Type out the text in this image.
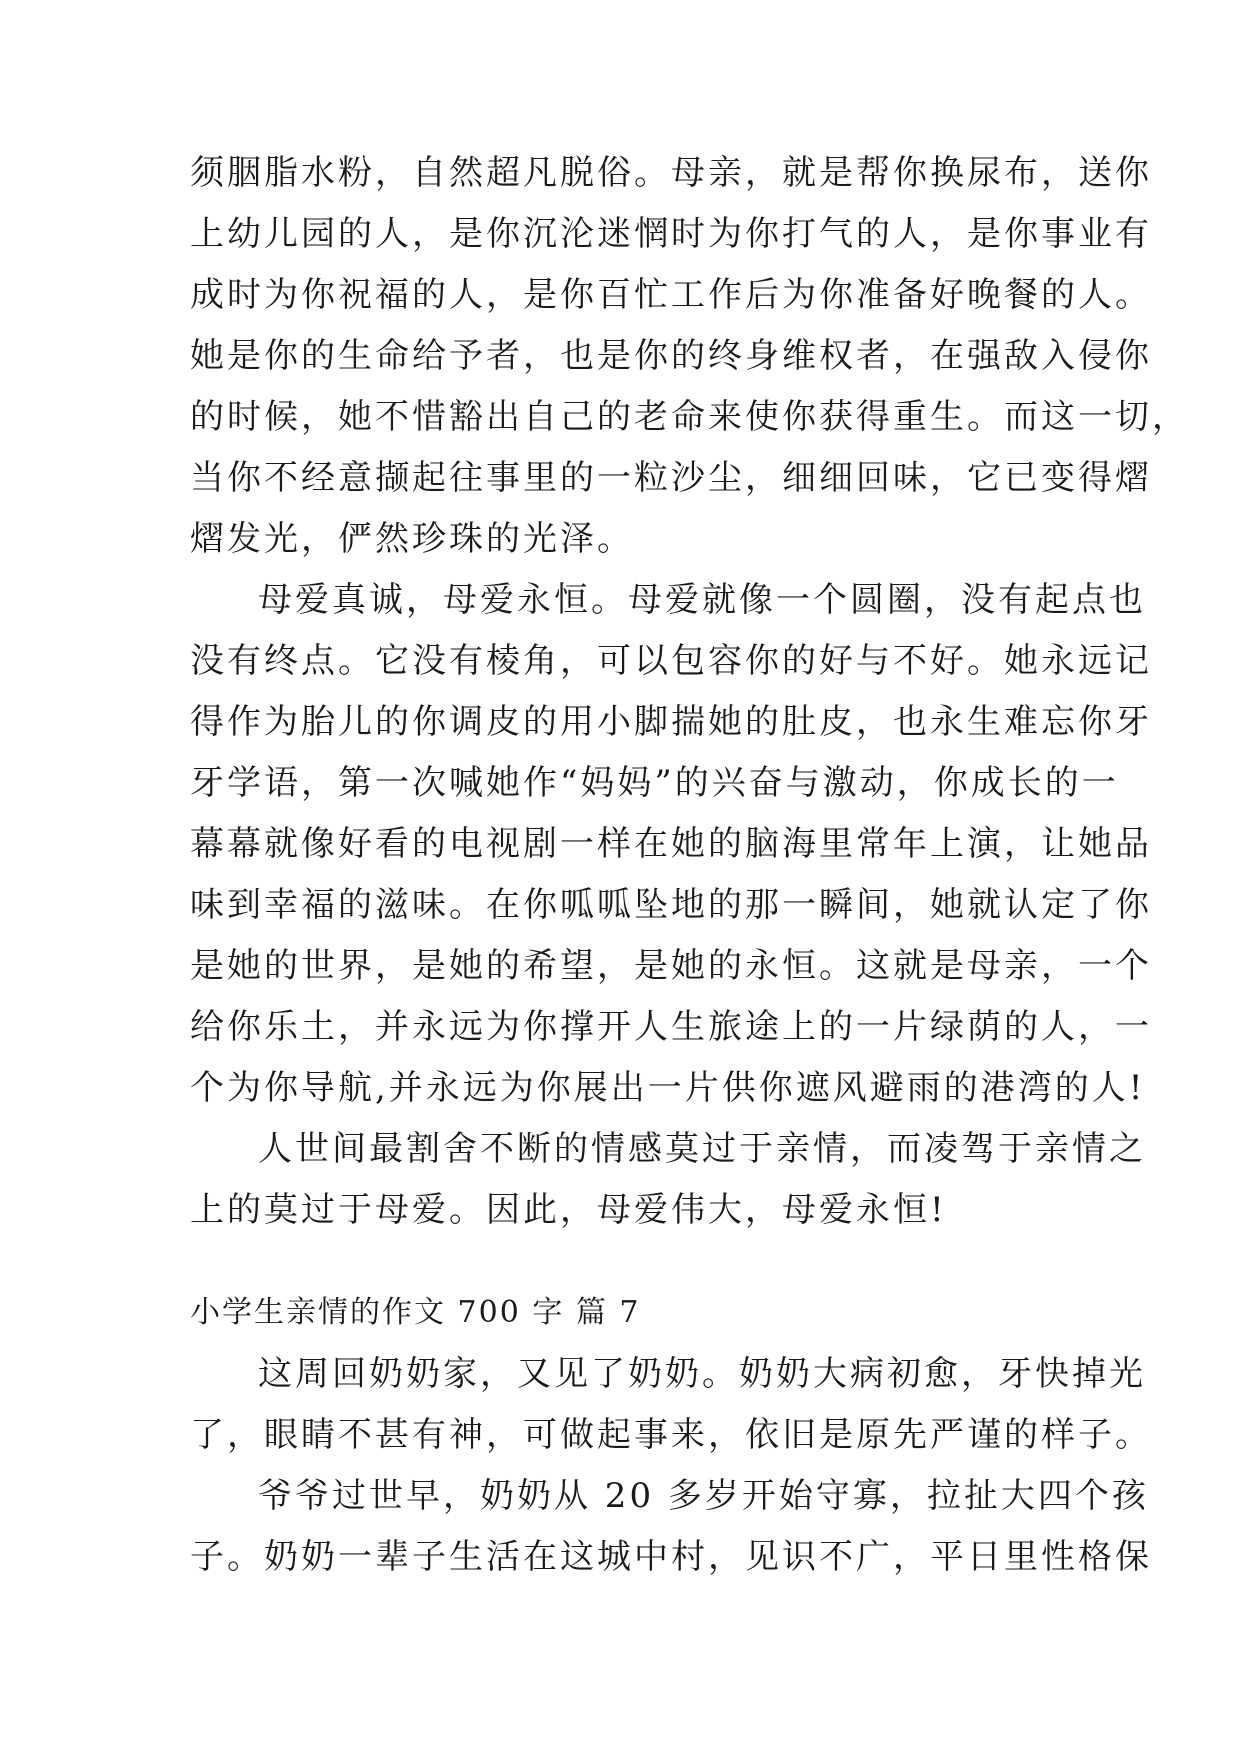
须胭脂水粉，自然超凡脱俗。母亲，就是帮你换尿布，送你
上幼儿园的人，是你沉沦迷惘时为你打气的人，是你事业有
成时为你祝福的人，是你百忙工作后为你准备好晚餐的人。
她是你的生命给予者，也是你的终身维权者，在强敌入侵你
的时候，她不惜豁出自己的老命来使你获得重生。而这一切，
当你不经意撷起往事里的一粒沙尘，细细回味，它已变得熠
熠发光，俨然珍珠的光泽。
母爱真诚，母爱永恒。母爱就像一个圆圈，没有起点也
没有终点。它没有棱角，可以包容你的好与不好。她永远记
得作为胎儿的你调皮的用小脚揣她的肚皮，也永生难忘你牙
牙学语，第一次喊她作“妈妈”的兴奋与激动，你成长的一
幕幕就像好看的电视剧一样在她的脑海里常年上演，让她品
味到幸福的滋味。在你呱呱坠地的那一瞬间，她就认定了你
是她的世界，是她的希望，是她的永恒。这就是母亲，一个
给你乐土，并永远为你撑开人生旅途上的一片绿荫的人，一
个为你导航,并永远为你展出一片供你遮风避雨的港湾的人!
人世间最割舍不断的情感莫过于亲情，而凌驾于亲情之
上的莫过于母爱。因此，母爱伟大，母爱永恒!
小学生亲情的作文 700 字 篇 7
这周回奶奶家，又见了奶奶。奶奶大病初愈，牙快掉光
了，眼睛不甚有神，可做起事来，依旧是原先严谨的样子。
爷爷过世早，奶奶从 20 多岁开始守寡，拉扯大四个孩
子。奶奶一辈子生活在这城中村，见识不广，平日里性格保
